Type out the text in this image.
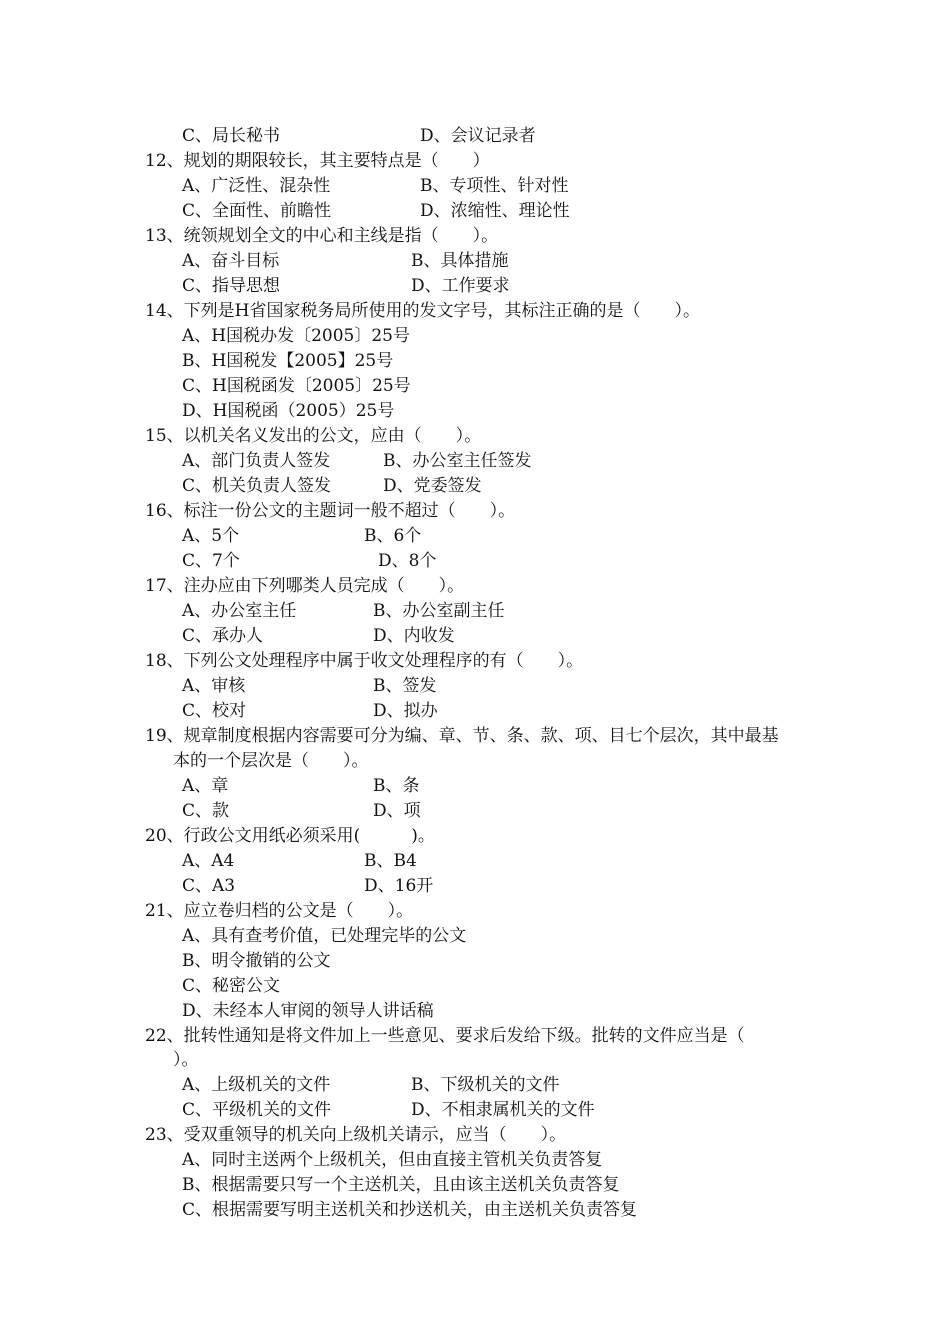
C、局长秘书	D、会议记录者
12、规划的期限较长，其主要特点是（　　）
A、广泛性、混杂性	B、专项性、针对性
C、全面性、前瞻性	D、浓缩性、理论性
13、统领规划全文的中心和主线是指（　　）。
A、奋斗目标	B、具体措施
C、指导思想	D、工作要求
14、下列是H省国家税务局所使用的发文字号，其标注正确的是（　　）。
A、H国税办发〔2005〕25号
B、H国税发【2005】25号
C、H国税函发〔2005〕25号
D、H国税函（2005）25号
15、以机关名义发出的公文，应由（　　）。
A、部门负责人签发	B、办公室主任签发
C、机关负责人签发	D、党委签发
16、标注一份公文的主题词一般不超过（　　）。
A、5个	B、6个
C、7个	D、8个
17、注办应由下列哪类人员完成（　　）。
A、办公室主任	B、办公室副主任
C、承办人	D、内收发
18、下列公文处理程序中属于收文处理程序的有（　　）。
A、审核	B、签发
C、校对	D、拟办
19、规章制度根据内容需要可分为编、章、节、条、款、项、目七个层次，其中最基
本的一个层次是（　　）。
A、章	B、条
C、款	D、项
20、行政公文用纸必须采用(　　　)。
A、A4	B、B4
C、A3	D、16开
21、应立卷归档的公文是（　　）。
A、具有查考价值，已处理完毕的公文
B、明令撤销的公文
C、秘密公文
D、未经本人审阅的领导人讲话稿
22、批转性通知是将文件加上一些意见、要求后发给下级。批转的文件应当是（
）。
A、上级机关的文件	B、下级机关的文件
C、平级机关的文件	D、不相隶属机关的文件
23、受双重领导的机关向上级机关请示，应当（　　）。
A、同时主送两个上级机关，但由直接主管机关负责答复
B、根据需要只写一个主送机关，且由该主送机关负责答复
C、根据需要写明主送机关和抄送机关，由主送机关负责答复
